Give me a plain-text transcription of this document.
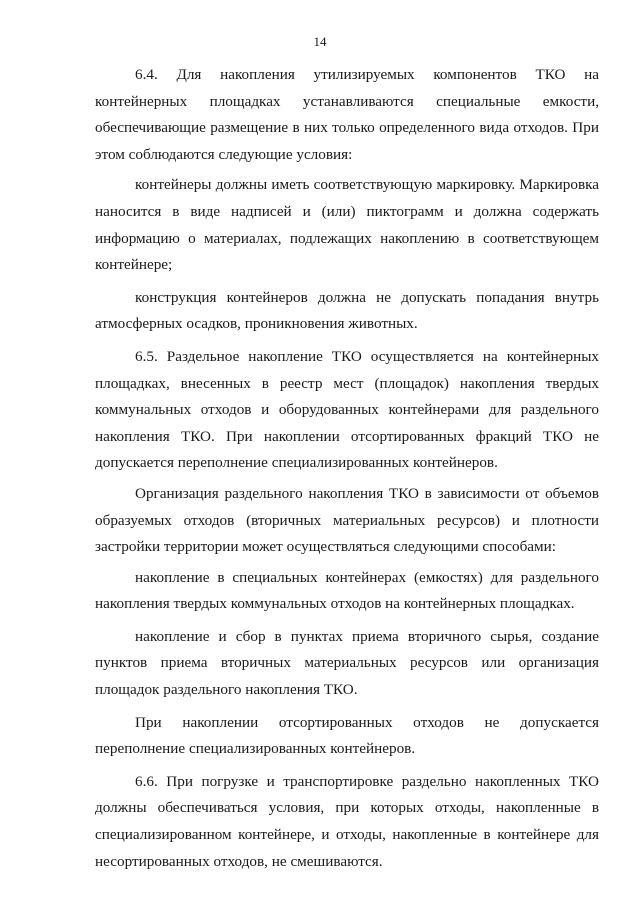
14

6.4. Для накопления утилизируемых компонентов ТКО на контейнерных площадках устанавливаются специальные емкости, обеспечивающие размещение в них только определенного вида отходов. При этом соблюдаются следующие условия:

контейнеры должны иметь соответствующую маркировку. Маркировка наносится в виде надписей и (или) пиктограмм и должна содержать информацию о материалах, подлежащих накоплению в соответствующем контейнере;

конструкция контейнеров должна не допускать попадания внутрь атмосферных осадков, проникновения животных.

6.5. Раздельное накопление ТКО осуществляется на контейнерных площадках, внесенных в реестр мест (площадок) накопления твердых коммунальных отходов и оборудованных контейнерами для раздельного накопления ТКО. При накоплении отсортированных фракций ТКО не допускается переполнение специализированных контейнеров.

Организация раздельного накопления ТКО в зависимости от объемов образуемых отходов (вторичных материальных ресурсов) и плотности застройки территории может осуществляться следующими способами:

накопление в специальных контейнерах (емкостях) для раздельного накопления твердых коммунальных отходов на контейнерных площадках.

накопление и сбор в пунктах приема вторичного сырья, создание пунктов приема вторичных материальных ресурсов или организация площадок раздельного накопления ТКО.

При накоплении отсортированных отходов не допускается переполнение специализированных контейнеров.

6.6. При погрузке и транспортировке раздельно накопленных ТКО должны обеспечиваться условия, при которых отходы, накопленные в специализированном контейнере, и отходы, накопленные в контейнере для несортированных отходов, не смешиваются.
